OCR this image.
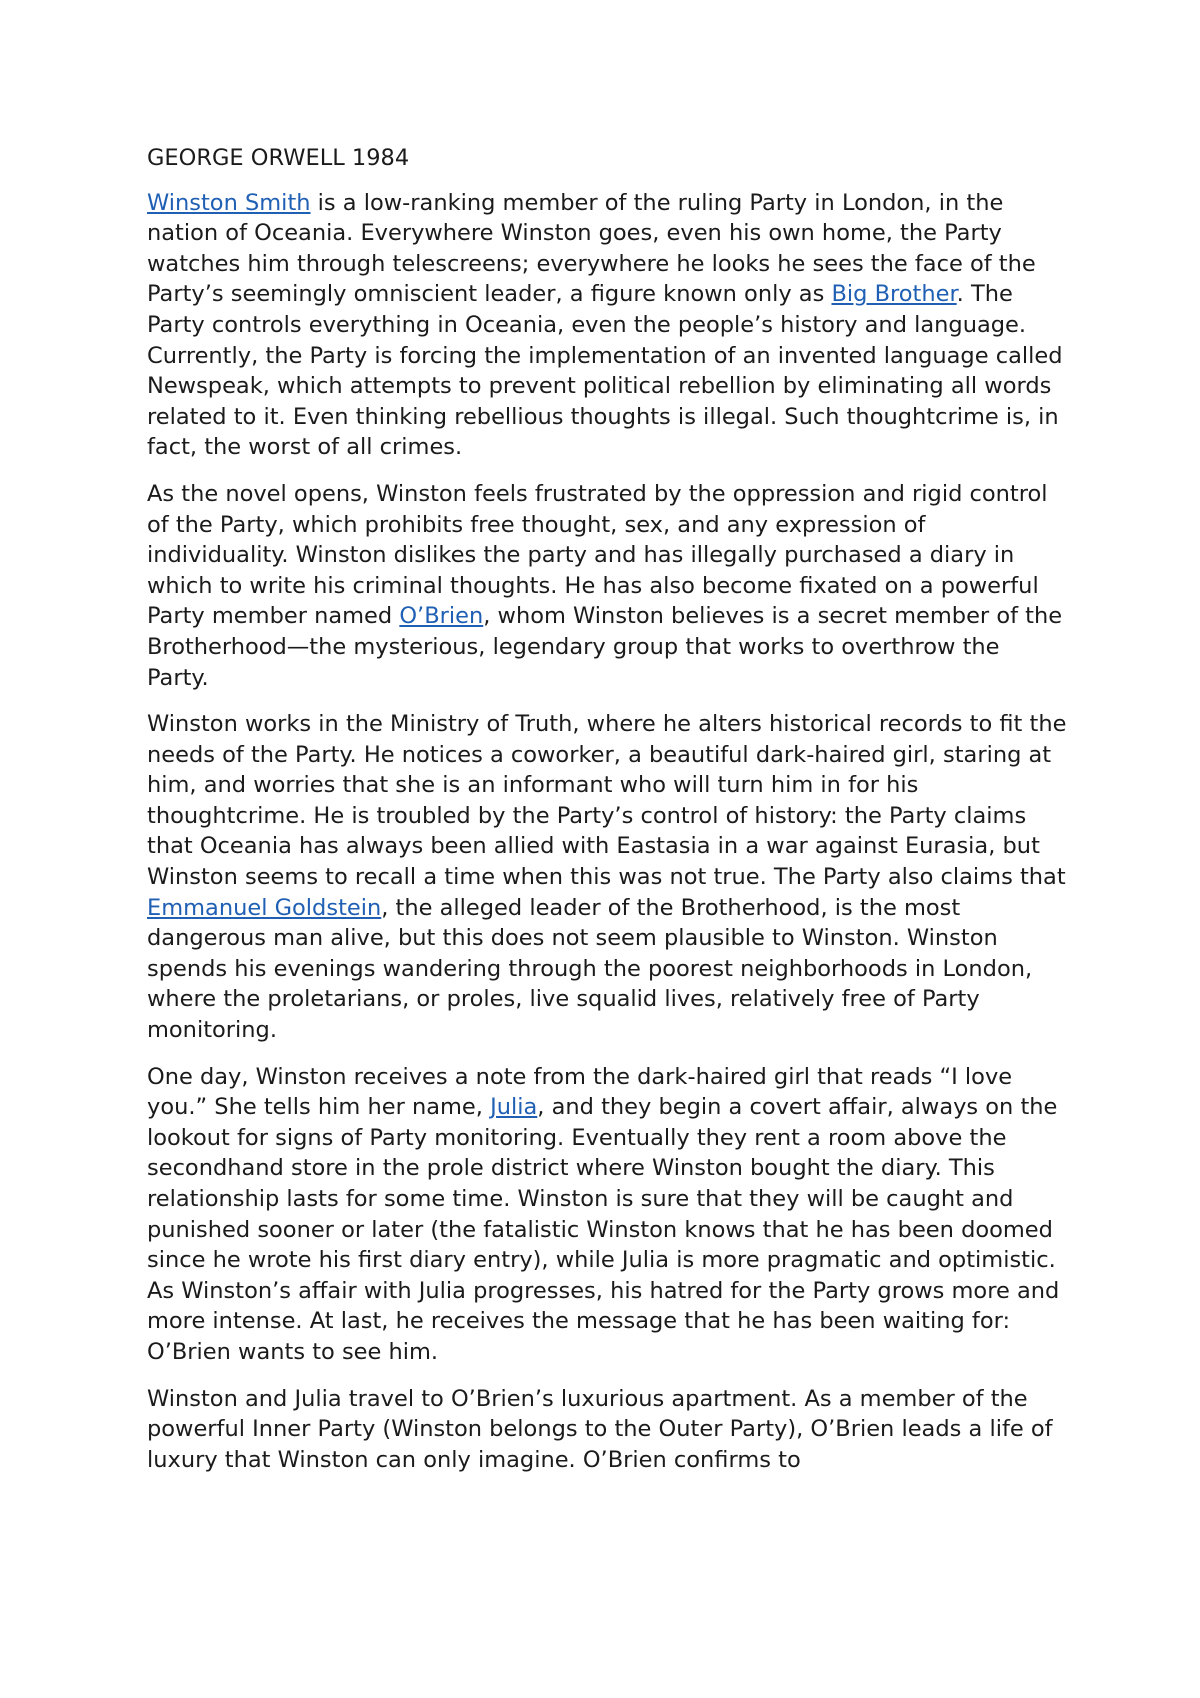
GEORGE ORWELL 1984

Winston Smith is a low-ranking member of the ruling Party in London, in the nation of Oceania. Everywhere Winston goes, even his own home, the Party watches him through telescreens; everywhere he looks he sees the face of the Party’s seemingly omniscient leader, a figure known only as Big Brother. The Party controls everything in Oceania, even the people’s history and language. Currently, the Party is forcing the implementation of an invented language called Newspeak, which attempts to prevent political rebellion by eliminating all words related to it. Even thinking rebellious thoughts is illegal. Such thoughtcrime is, in fact, the worst of all crimes.

As the novel opens, Winston feels frustrated by the oppression and rigid control of the Party, which prohibits free thought, sex, and any expression of individuality. Winston dislikes the party and has illegally purchased a diary in which to write his criminal thoughts. He has also become fixated on a powerful Party member named O’Brien, whom Winston believes is a secret member of the Brotherhood—the mysterious, legendary group that works to overthrow the Party.

Winston works in the Ministry of Truth, where he alters historical records to fit the needs of the Party. He notices a coworker, a beautiful dark-haired girl, staring at him, and worries that she is an informant who will turn him in for his thoughtcrime. He is troubled by the Party’s control of history: the Party claims that Oceania has always been allied with Eastasia in a war against Eurasia, but Winston seems to recall a time when this was not true. The Party also claims that Emmanuel Goldstein, the alleged leader of the Brotherhood, is the most dangerous man alive, but this does not seem plausible to Winston. Winston spends his evenings wandering through the poorest neighborhoods in London, where the proletarians, or proles, live squalid lives, relatively free of Party monitoring.

One day, Winston receives a note from the dark-haired girl that reads “I love you.” She tells him her name, Julia, and they begin a covert affair, always on the lookout for signs of Party monitoring. Eventually they rent a room above the secondhand store in the prole district where Winston bought the diary. This relationship lasts for some time. Winston is sure that they will be caught and punished sooner or later (the fatalistic Winston knows that he has been doomed since he wrote his first diary entry), while Julia is more pragmatic and optimistic. As Winston’s affair with Julia progresses, his hatred for the Party grows more and more intense. At last, he receives the message that he has been waiting for: O’Brien wants to see him.

Winston and Julia travel to O’Brien’s luxurious apartment. As a member of the powerful Inner Party (Winston belongs to the Outer Party), O’Brien leads a life of luxury that Winston can only imagine. O’Brien confirms to
